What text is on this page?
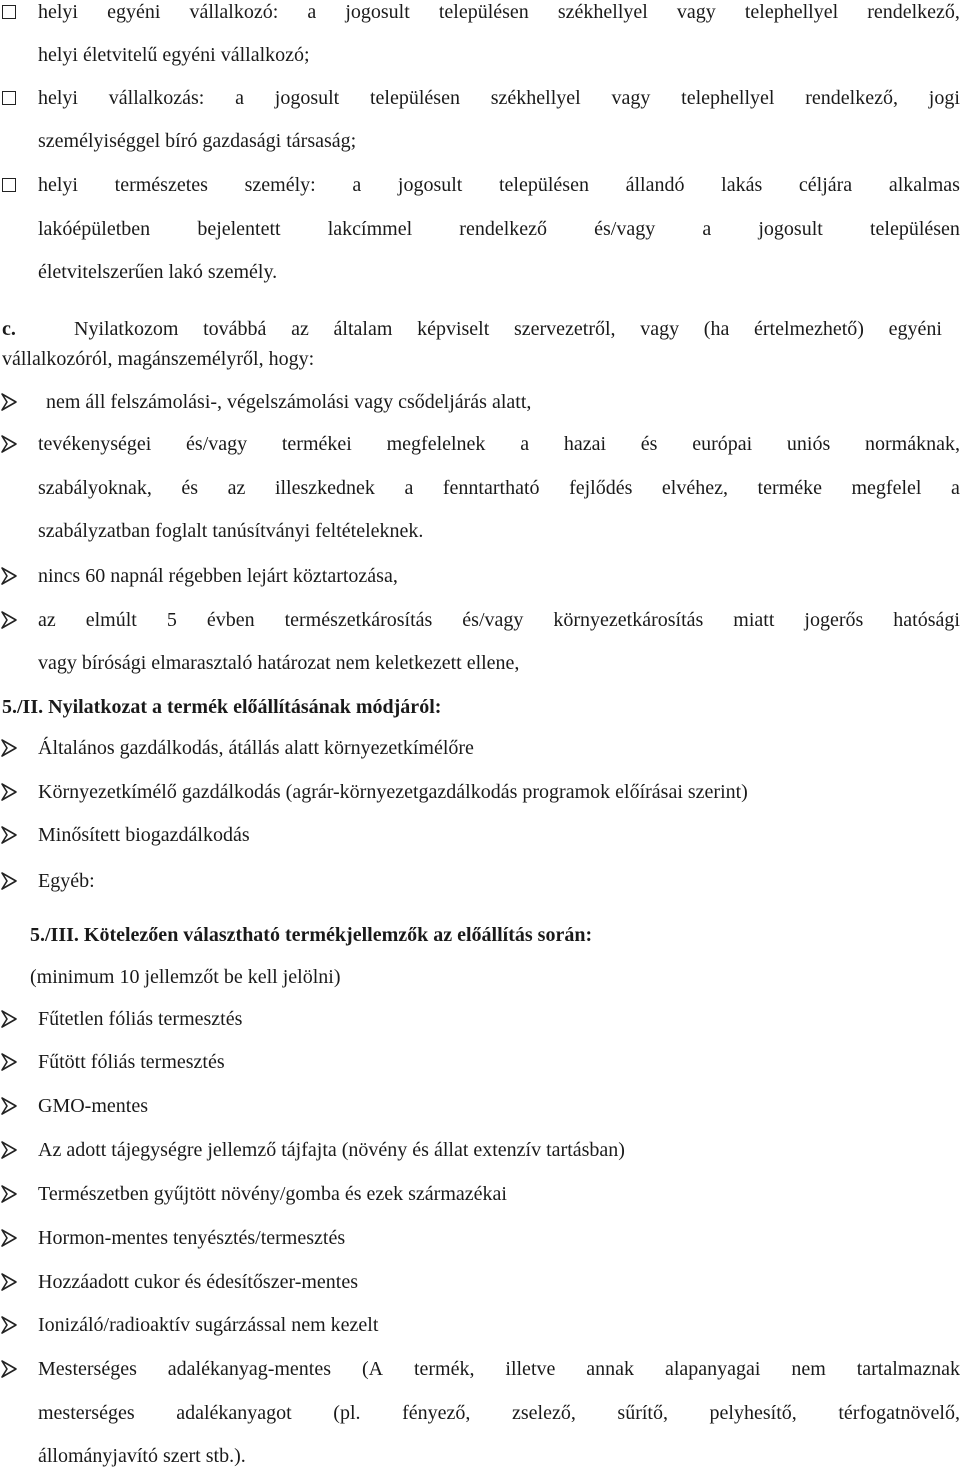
helyi egyéni vállalkozó: a jogosult településen székhellyel vagy telephellyel rendelkező,
helyi életvitelű egyéni vállalkozó;
helyi vállalkozás: a jogosult településen székhellyel vagy telephellyel rendelkező, jogi
személyiséggel bíró gazdasági társaság;
helyi természetes személy: a jogosult településen állandó lakás céljára alkalmas
lakóépületben bejelentett lakcímmel rendelkező és/vagy a jogosult településen
életvitelszerűen lakó személy.
c.	Nyilatkozom továbbá az általam képviselt szervezetről, vagy (ha értelmezhető) egyéni
vállalkozóról, magánszemélyről, hogy:
nem áll felszámolási-, végelszámolási vagy csődeljárás alatt,
tevékenységei és/vagy termékei megfelelnek a hazai és európai uniós normáknak,
szabályoknak, és az illeszkednek a fenntartható fejlődés elvéhez, terméke megfelel a
szabályzatban foglalt tanúsítványi feltételeknek.
nincs 60 napnál régebben lejárt köztartozása,
az elmúlt 5 évben természetkárosítás és/vagy környezetkárosítás miatt jogerős hatósági
vagy bírósági elmarasztaló határozat nem keletkezett ellene,
5./II. Nyilatkozat a termék előállításának módjáról:
Általános gazdálkodás, átállás alatt környezetkímélőre
Környezetkímélő gazdálkodás (agrár-környezetgazdálkodás programok előírásai szerint)
Minősített biogazdálkodás
Egyéb:
5./III. Kötelezően választható termékjellemzők az előállítás során:
(minimum 10 jellemzőt be kell jelölni)
Fűtetlen fóliás termesztés
Fűtött fóliás termesztés
GMO-mentes
Az adott tájegységre jellemző tájfajta (növény és állat extenzív tartásban)
Természetben gyűjtött növény/gomba és ezek származékai
Hormon-mentes tenyésztés/termesztés
Hozzáadott cukor és édesítőszer-mentes
Ionizáló/radioaktív sugárzással nem kezelt
Mesterséges adalékanyag-mentes (A termék, illetve annak alapanyagai nem tartalmaznak
mesterséges adalékanyagot (pl. fényező, zselező, sűrítő, pelyhesítő, térfogatnövelő,
állományjavító szert stb.).
